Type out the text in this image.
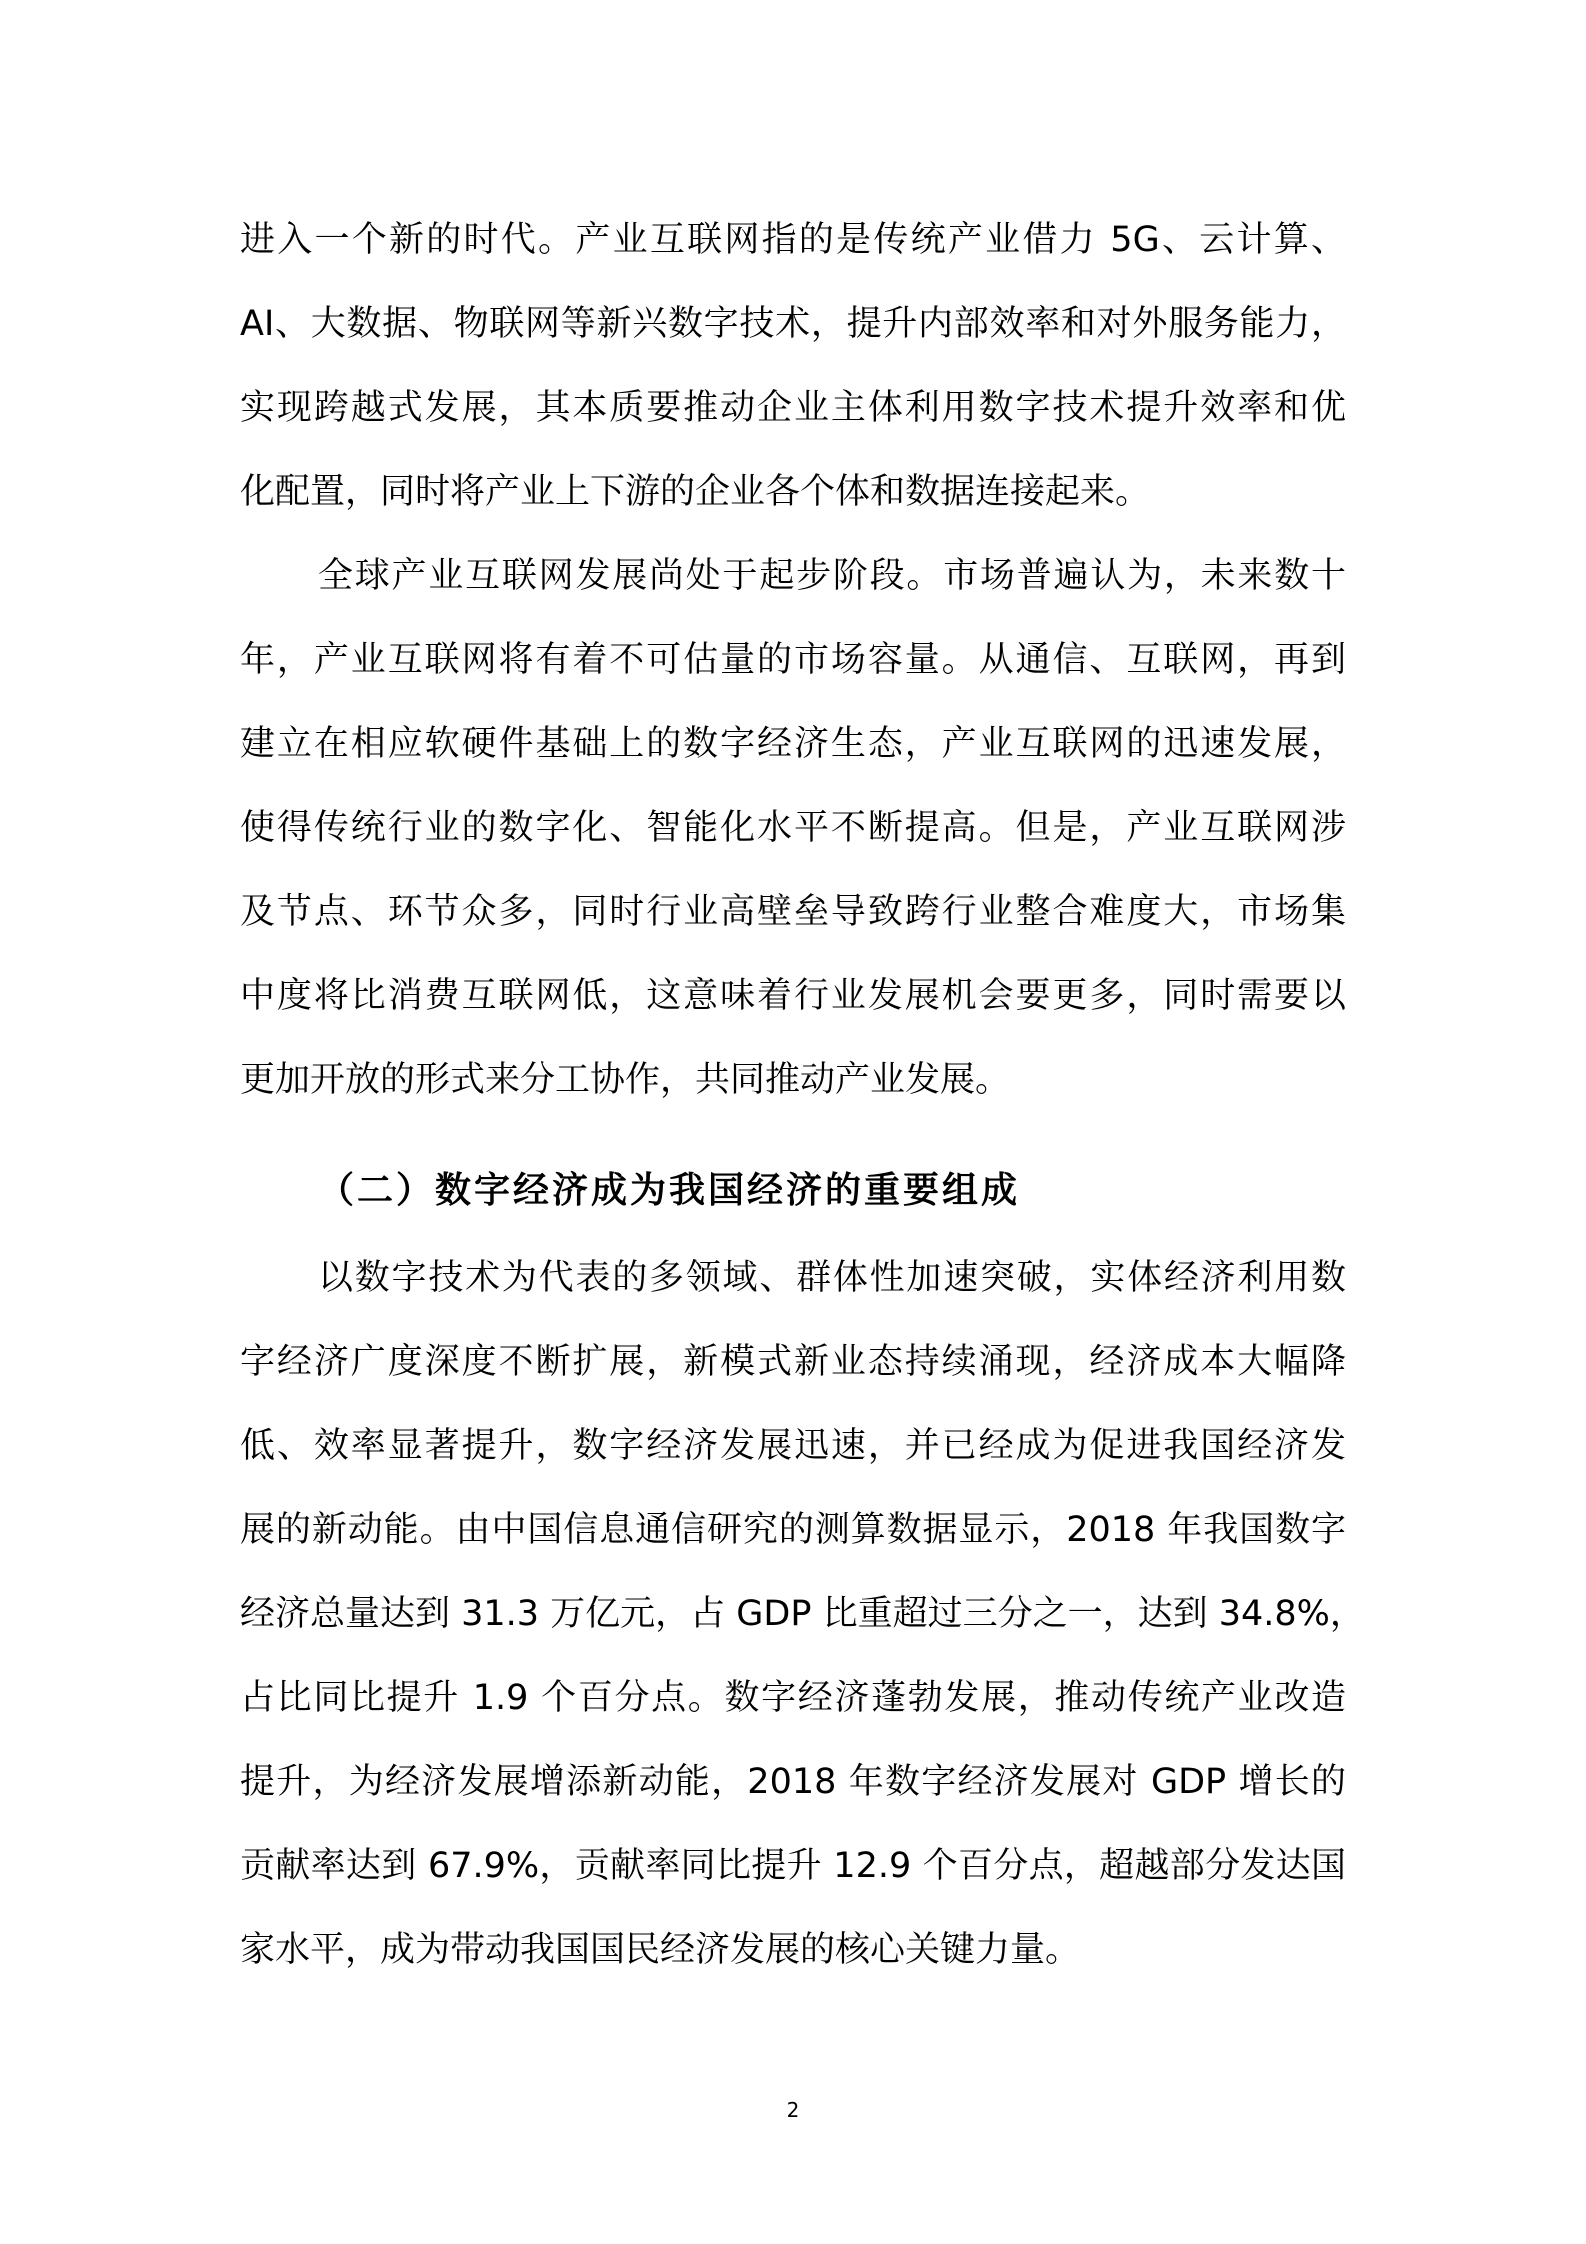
进入一个新的时代。产业互联网指的是传统产业借力 5G、云计算、
AI、大数据、物联网等新兴数字技术，提升内部效率和对外服务能力，
实现跨越式发展，其本质要推动企业主体利用数字技术提升效率和优
化配置，同时将产业上下游的企业各个体和数据连接起来。
全球产业互联网发展尚处于起步阶段。市场普遍认为，未来数十
年，产业互联网将有着不可估量的市场容量。从通信、互联网，再到
建立在相应软硬件基础上的数字经济生态，产业互联网的迅速发展，
使得传统行业的数字化、智能化水平不断提高。但是，产业互联网涉
及节点、环节众多，同时行业高壁垒导致跨行业整合难度大，市场集
中度将比消费互联网低，这意味着行业发展机会要更多，同时需要以
更加开放的形式来分工协作，共同推动产业发展。
（二）数字经济成为我国经济的重要组成
以数字技术为代表的多领域、群体性加速突破，实体经济利用数
字经济广度深度不断扩展，新模式新业态持续涌现，经济成本大幅降
低、效率显著提升，数字经济发展迅速，并已经成为促进我国经济发
展的新动能。由中国信息通信研究的测算数据显示，2018 年我国数字
经济总量达到 31.3 万亿元，占 GDP 比重超过三分之一，达到 34.8%，
占比同比提升 1.9 个百分点。数字经济蓬勃发展，推动传统产业改造
提升，为经济发展增添新动能，2018 年数字经济发展对 GDP 增长的
贡献率达到 67.9%，贡献率同比提升 12.9 个百分点，超越部分发达国
家水平，成为带动我国国民经济发展的核心关键力量。
2
